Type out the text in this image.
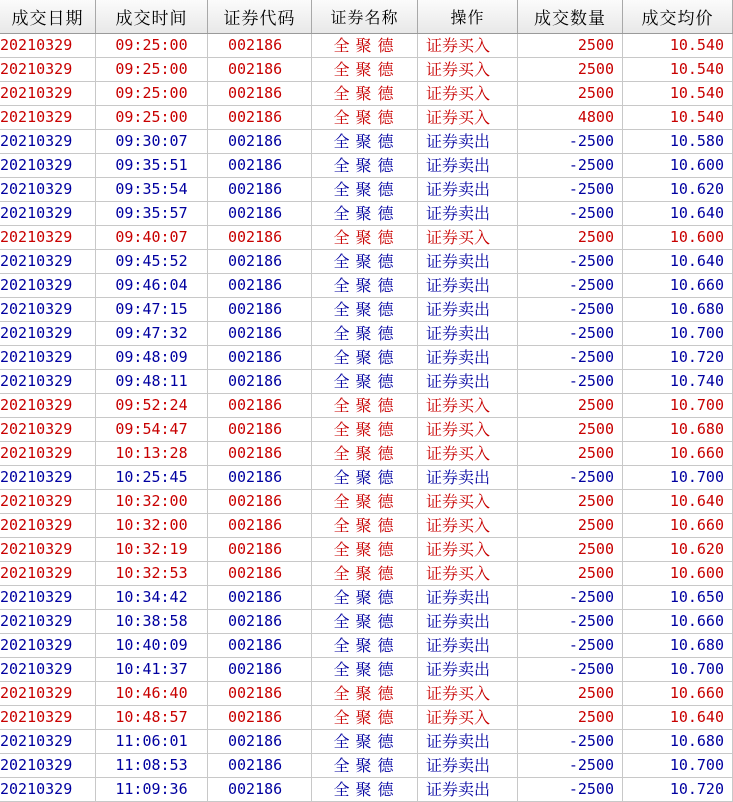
成交日期	成交时间	证券代码	证券名称	操作	成交数量	成交均价
20210329	09:25:00	002186	全聚德	证券买入	2500	10.540
20210329	09:25:00	002186	全聚德	证券买入	2500	10.540
20210329	09:25:00	002186	全聚德	证券买入	2500	10.540
20210329	09:25:00	002186	全聚德	证券买入	4800	10.540
20210329	09:30:07	002186	全聚德	证券卖出	-2500	10.580
20210329	09:35:51	002186	全聚德	证券卖出	-2500	10.600
20210329	09:35:54	002186	全聚德	证券卖出	-2500	10.620
20210329	09:35:57	002186	全聚德	证券卖出	-2500	10.640
20210329	09:40:07	002186	全聚德	证券买入	2500	10.600
20210329	09:45:52	002186	全聚德	证券卖出	-2500	10.640
20210329	09:46:04	002186	全聚德	证券卖出	-2500	10.660
20210329	09:47:15	002186	全聚德	证券卖出	-2500	10.680
20210329	09:47:32	002186	全聚德	证券卖出	-2500	10.700
20210329	09:48:09	002186	全聚德	证券卖出	-2500	10.720
20210329	09:48:11	002186	全聚德	证券卖出	-2500	10.740
20210329	09:52:24	002186	全聚德	证券买入	2500	10.700
20210329	09:54:47	002186	全聚德	证券买入	2500	10.680
20210329	10:13:28	002186	全聚德	证券买入	2500	10.660
20210329	10:25:45	002186	全聚德	证券卖出	-2500	10.700
20210329	10:32:00	002186	全聚德	证券买入	2500	10.640
20210329	10:32:00	002186	全聚德	证券买入	2500	10.660
20210329	10:32:19	002186	全聚德	证券买入	2500	10.620
20210329	10:32:53	002186	全聚德	证券买入	2500	10.600
20210329	10:34:42	002186	全聚德	证券卖出	-2500	10.650
20210329	10:38:58	002186	全聚德	证券卖出	-2500	10.660
20210329	10:40:09	002186	全聚德	证券卖出	-2500	10.680
20210329	10:41:37	002186	全聚德	证券卖出	-2500	10.700
20210329	10:46:40	002186	全聚德	证券买入	2500	10.660
20210329	10:48:57	002186	全聚德	证券买入	2500	10.640
20210329	11:06:01	002186	全聚德	证券卖出	-2500	10.680
20210329	11:08:53	002186	全聚德	证券卖出	-2500	10.700
20210329	11:09:36	002186	全聚德	证券卖出	-2500	10.720
